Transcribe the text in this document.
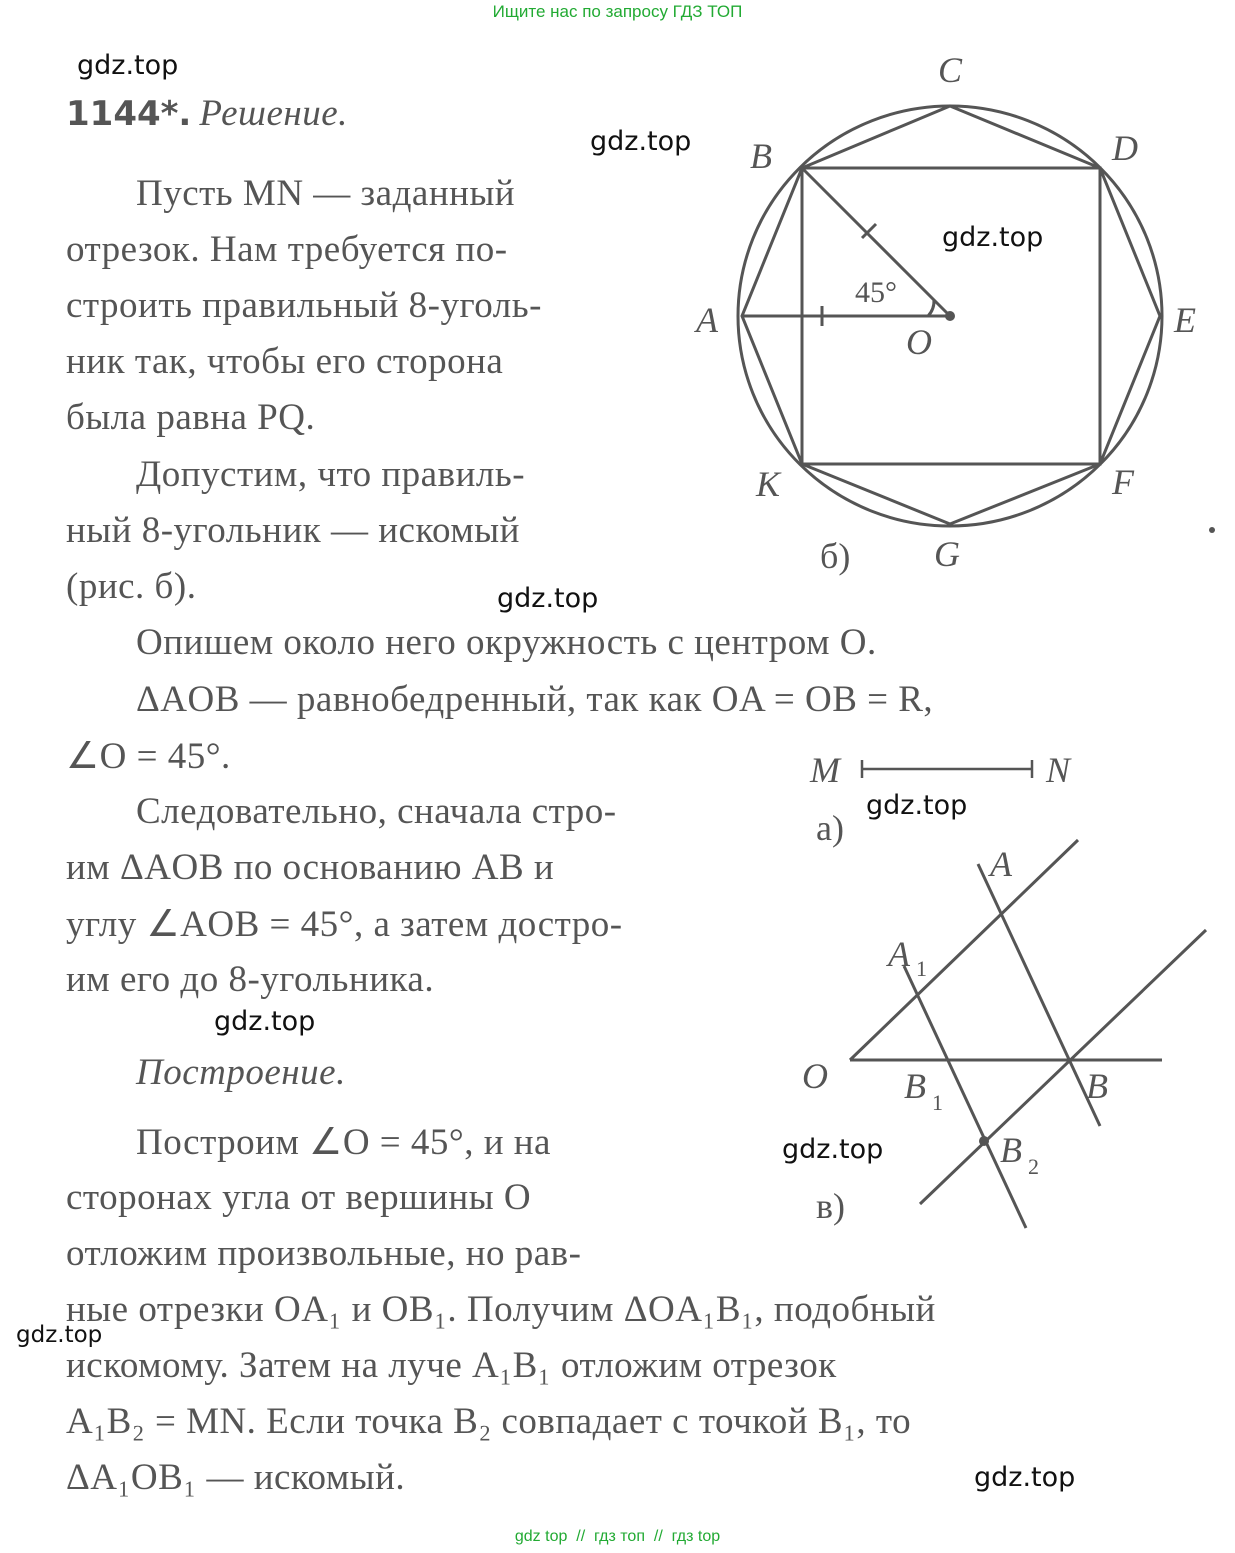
Ищите нас по запросу ГДЗ ТОП
gdz.top
gdz.top
gdz.top
gdz.top
gdz.top
gdz.top
gdz.top
gdz.top
gdz.top
1144*. Решение.
Пусть MN — заданный
отрезок. Нам требуется по-
строить правильный 8-уголь-
ник так, чтобы его сторона
была равна PQ.
Допустим, что правиль-
ный 8-угольник — искомый
(рис. б).
Опишем около него окружность с центром O.
ΔAOB — равнобедренный, так как OA = OB = R,
∠O = 45°.
Следовательно, сначала стро-
им ΔAOB по основанию AB и
углу ∠AOB = 45°, а затем достро-
им его до 8-угольника.
Построение.
Построим ∠O = 45°, и на
сторонах угла от вершины O
отложим произвольные, но рав-
ные отрезки OA₁ и OB₁. Получим ΔOA₁B₁, подобный
искомому. Затем на луче A₁B₁ отложим отрезок
A₁B₂ = MN. Если точка B₂ совпадает с точкой B₁, то
ΔA₁OB₁ — искомый.
45°
C
B	D
A	E
O
K	F
G
б)
M	N
а)
A
A 1
O B 1	B
B 2
в)
gdz top  //  гдз топ  //  гдз top
